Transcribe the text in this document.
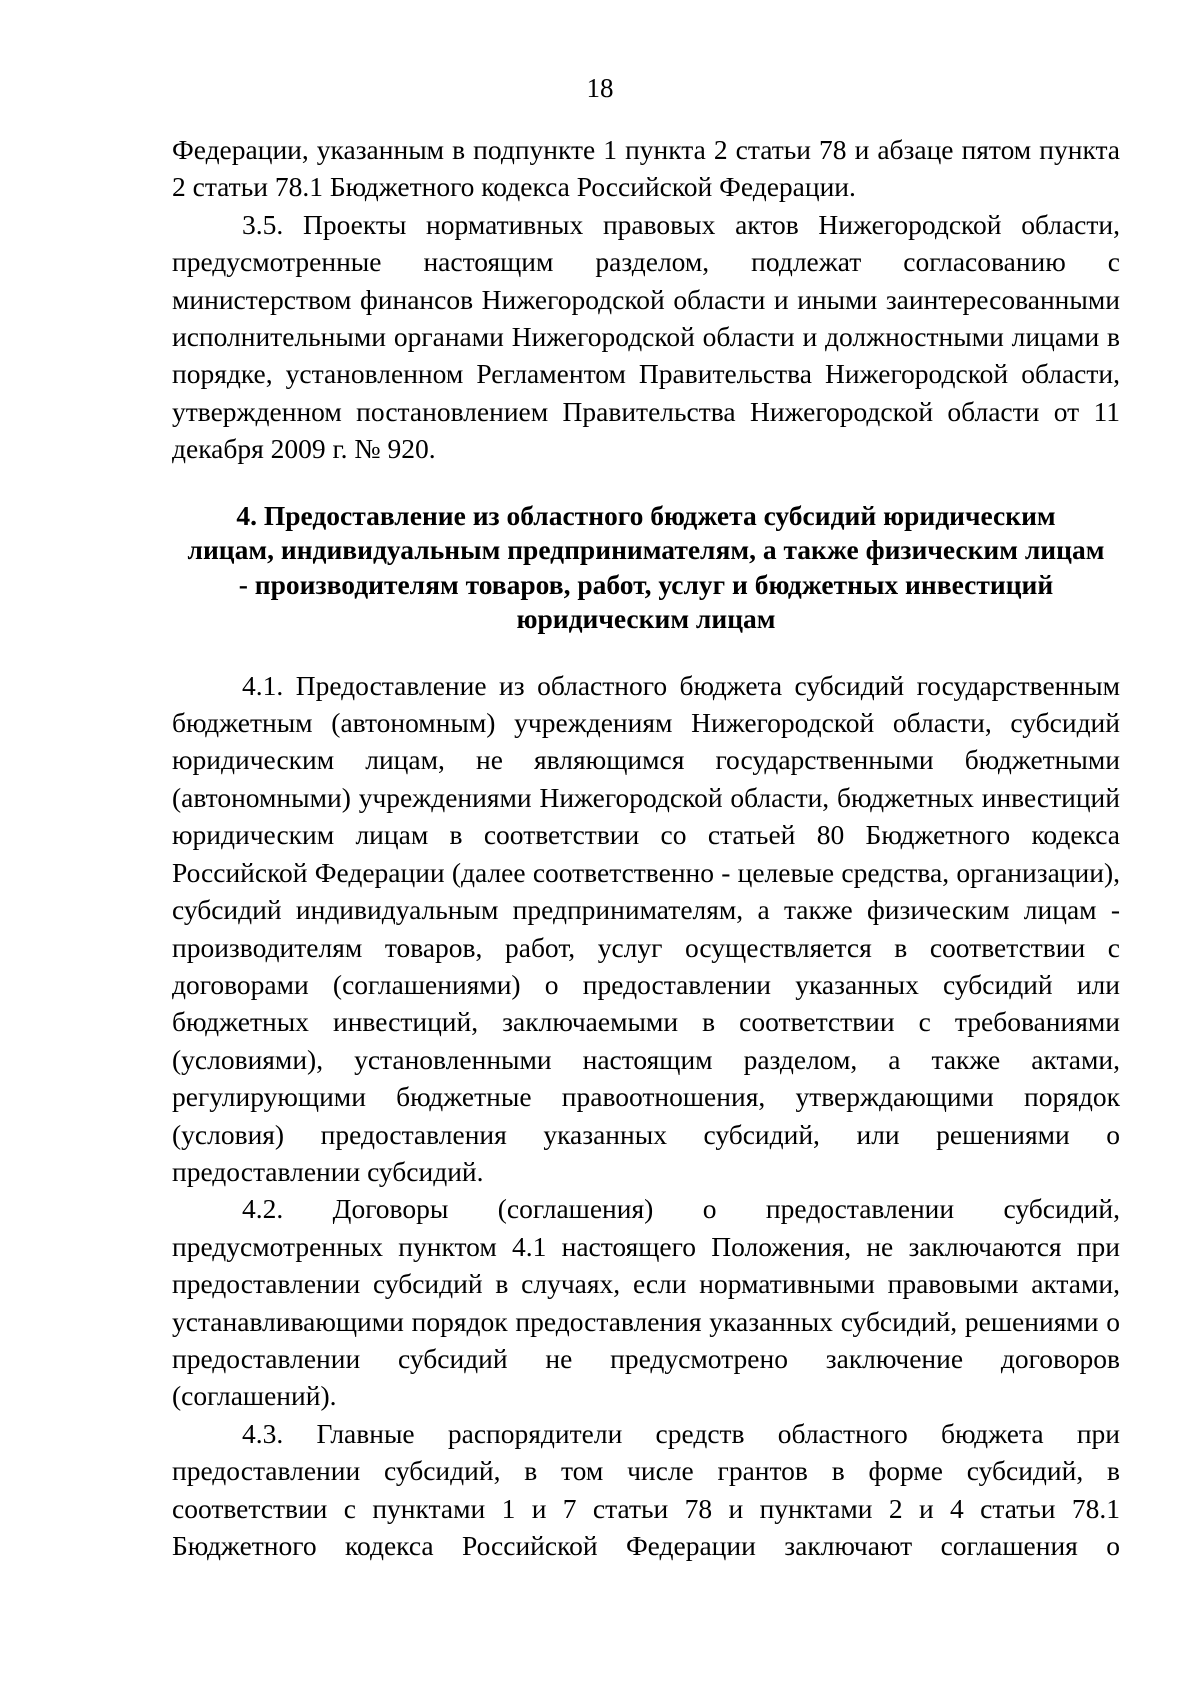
18

Федерации, указанным в подпункте 1 пункта 2 статьи 78 и абзаце пятом пункта 2 статьи 78.1 Бюджетного кодекса Российской Федерации.

3.5. Проекты нормативных правовых актов Нижегородской области, предусмотренные настоящим разделом, подлежат согласованию с министерством финансов Нижегородской области и иными заинтересованными исполнительными органами Нижегородской области и должностными лицами в порядке, установленном Регламентом Правительства Нижегородской области, утвержденном постановлением Правительства Нижегородской области от 11 декабря 2009 г. № 920.

4. Предоставление из областного бюджета субсидий юридическим
лицам, индивидуальным предпринимателям, а также физическим лицам
- производителям товаров, работ, услуг и бюджетных инвестиций
юридическим лицам

4.1. Предоставление из областного бюджета субсидий государственным бюджетным (автономным) учреждениям Нижегородской области, субсидий юридическим лицам, не являющимся государственными бюджетными (автономными) учреждениями Нижегородской области, бюджетных инвестиций юридическим лицам в соответствии со статьей 80 Бюджетного кодекса Российской Федерации (далее соответственно - целевые средства, организации), субсидий индивидуальным предпринимателям, а также физическим лицам - производителям товаров, работ, услуг осуществляется в соответствии с договорами (соглашениями) о предоставлении указанных субсидий или бюджетных инвестиций, заключаемыми в соответствии с требованиями (условиями), установленными настоящим разделом, а также актами, регулирующими бюджетные правоотношения, утверждающими порядок (условия) предоставления указанных субсидий, или решениями о предоставлении субсидий.

4.2. Договоры (соглашения) о предоставлении субсидий, предусмотренных пунктом 4.1 настоящего Положения, не заключаются при предоставлении субсидий в случаях, если нормативными правовыми актами, устанавливающими порядок предоставления указанных субсидий, решениями о предоставлении субсидий не предусмотрено заключение договоров (соглашений).

4.3. Главные распорядители средств областного бюджета при предоставлении субсидий, в том числе грантов в форме субсидий, в соответствии с пунктами 1 и 7 статьи 78 и пунктами 2 и 4 статьи 78.1 Бюджетного кодекса Российской Федерации заключают соглашения о
